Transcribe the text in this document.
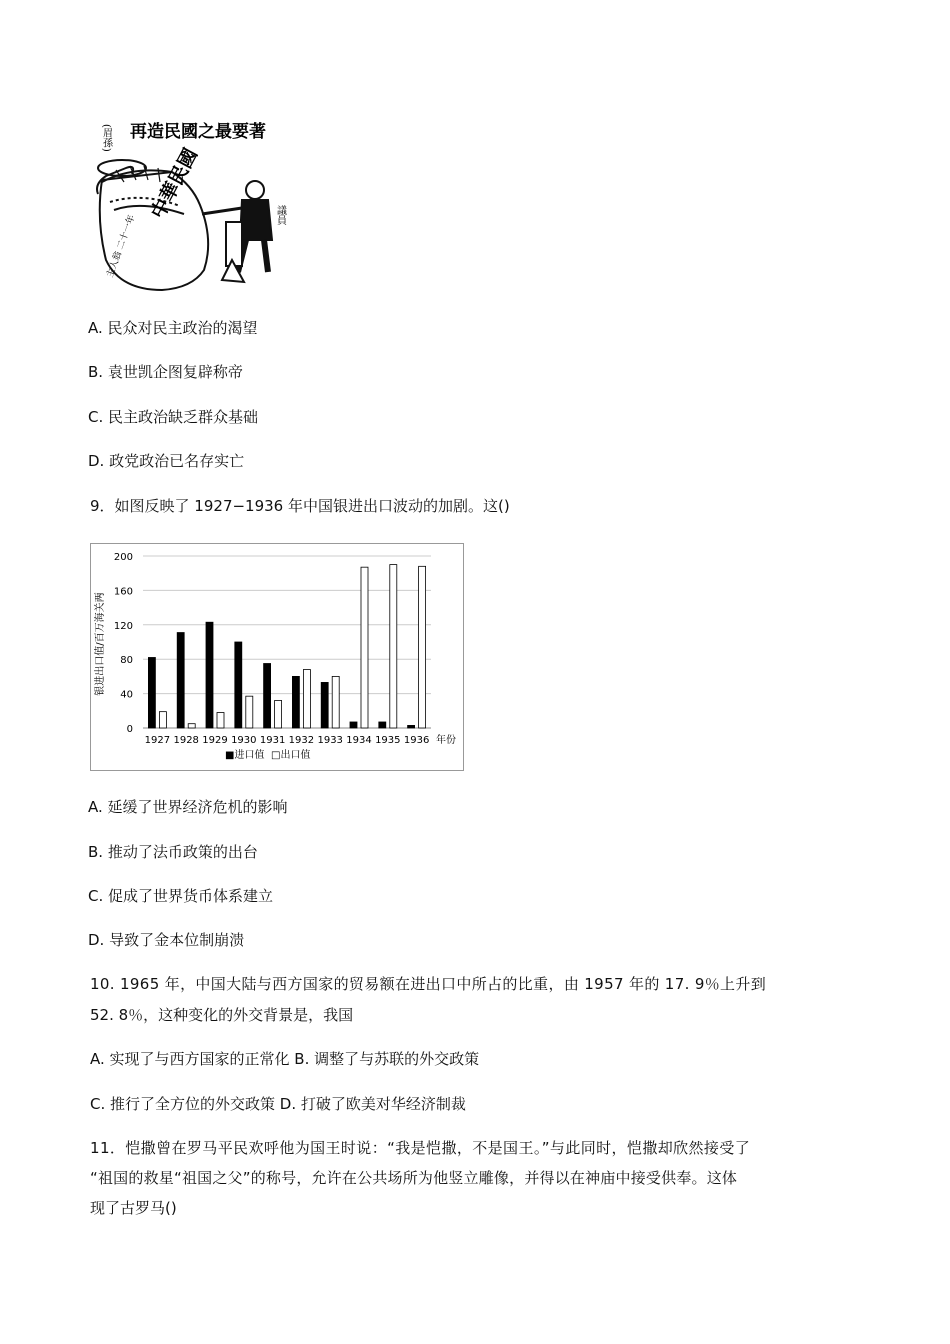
(眉孫) 再造民國之最要著
中華民國
主人翁 二十一年	議員
A. 民众对民主政治的渴望
B. 袁世凯企图复辟称帝
C. 民主政治缺乏群众基础
D. 政党政治已名存实亡
9．如图反映了 1927−1936 年中国银进出口波动的加剧。这()
银进出口值/百万海关两
0
40
80
120
160
200
1927 1928 1929 1930 1931 1932 1933 1934 1935 1936 年份
■进口值 □出口值
A. 延缓了世界经济危机的影响
B. 推动了法币政策的出台
C. 促成了世界货币体系建立
D. 导致了金本位制崩溃
10. 1965 年，中国大陆与西方国家的贸易额在进出口中所占的比重，由 1957 年的 17. 9％上升到
52. 8％，这种变化的外交背景是，我国
A. 实现了与西方国家的正常化 B. 调整了与苏联的外交政策
C. 推行了全方位的外交政策 D. 打破了欧美对华经济制裁
11．恺撒曾在罗马平民欢呼他为国王时说：“我是恺撒，不是国王。”与此同时，恺撒却欣然接受了
“祖国的救星“祖国之父”的称号，允许在公共场所为他竖立雕像，并得以在神庙中接受供奉。这体
现了古罗马()
